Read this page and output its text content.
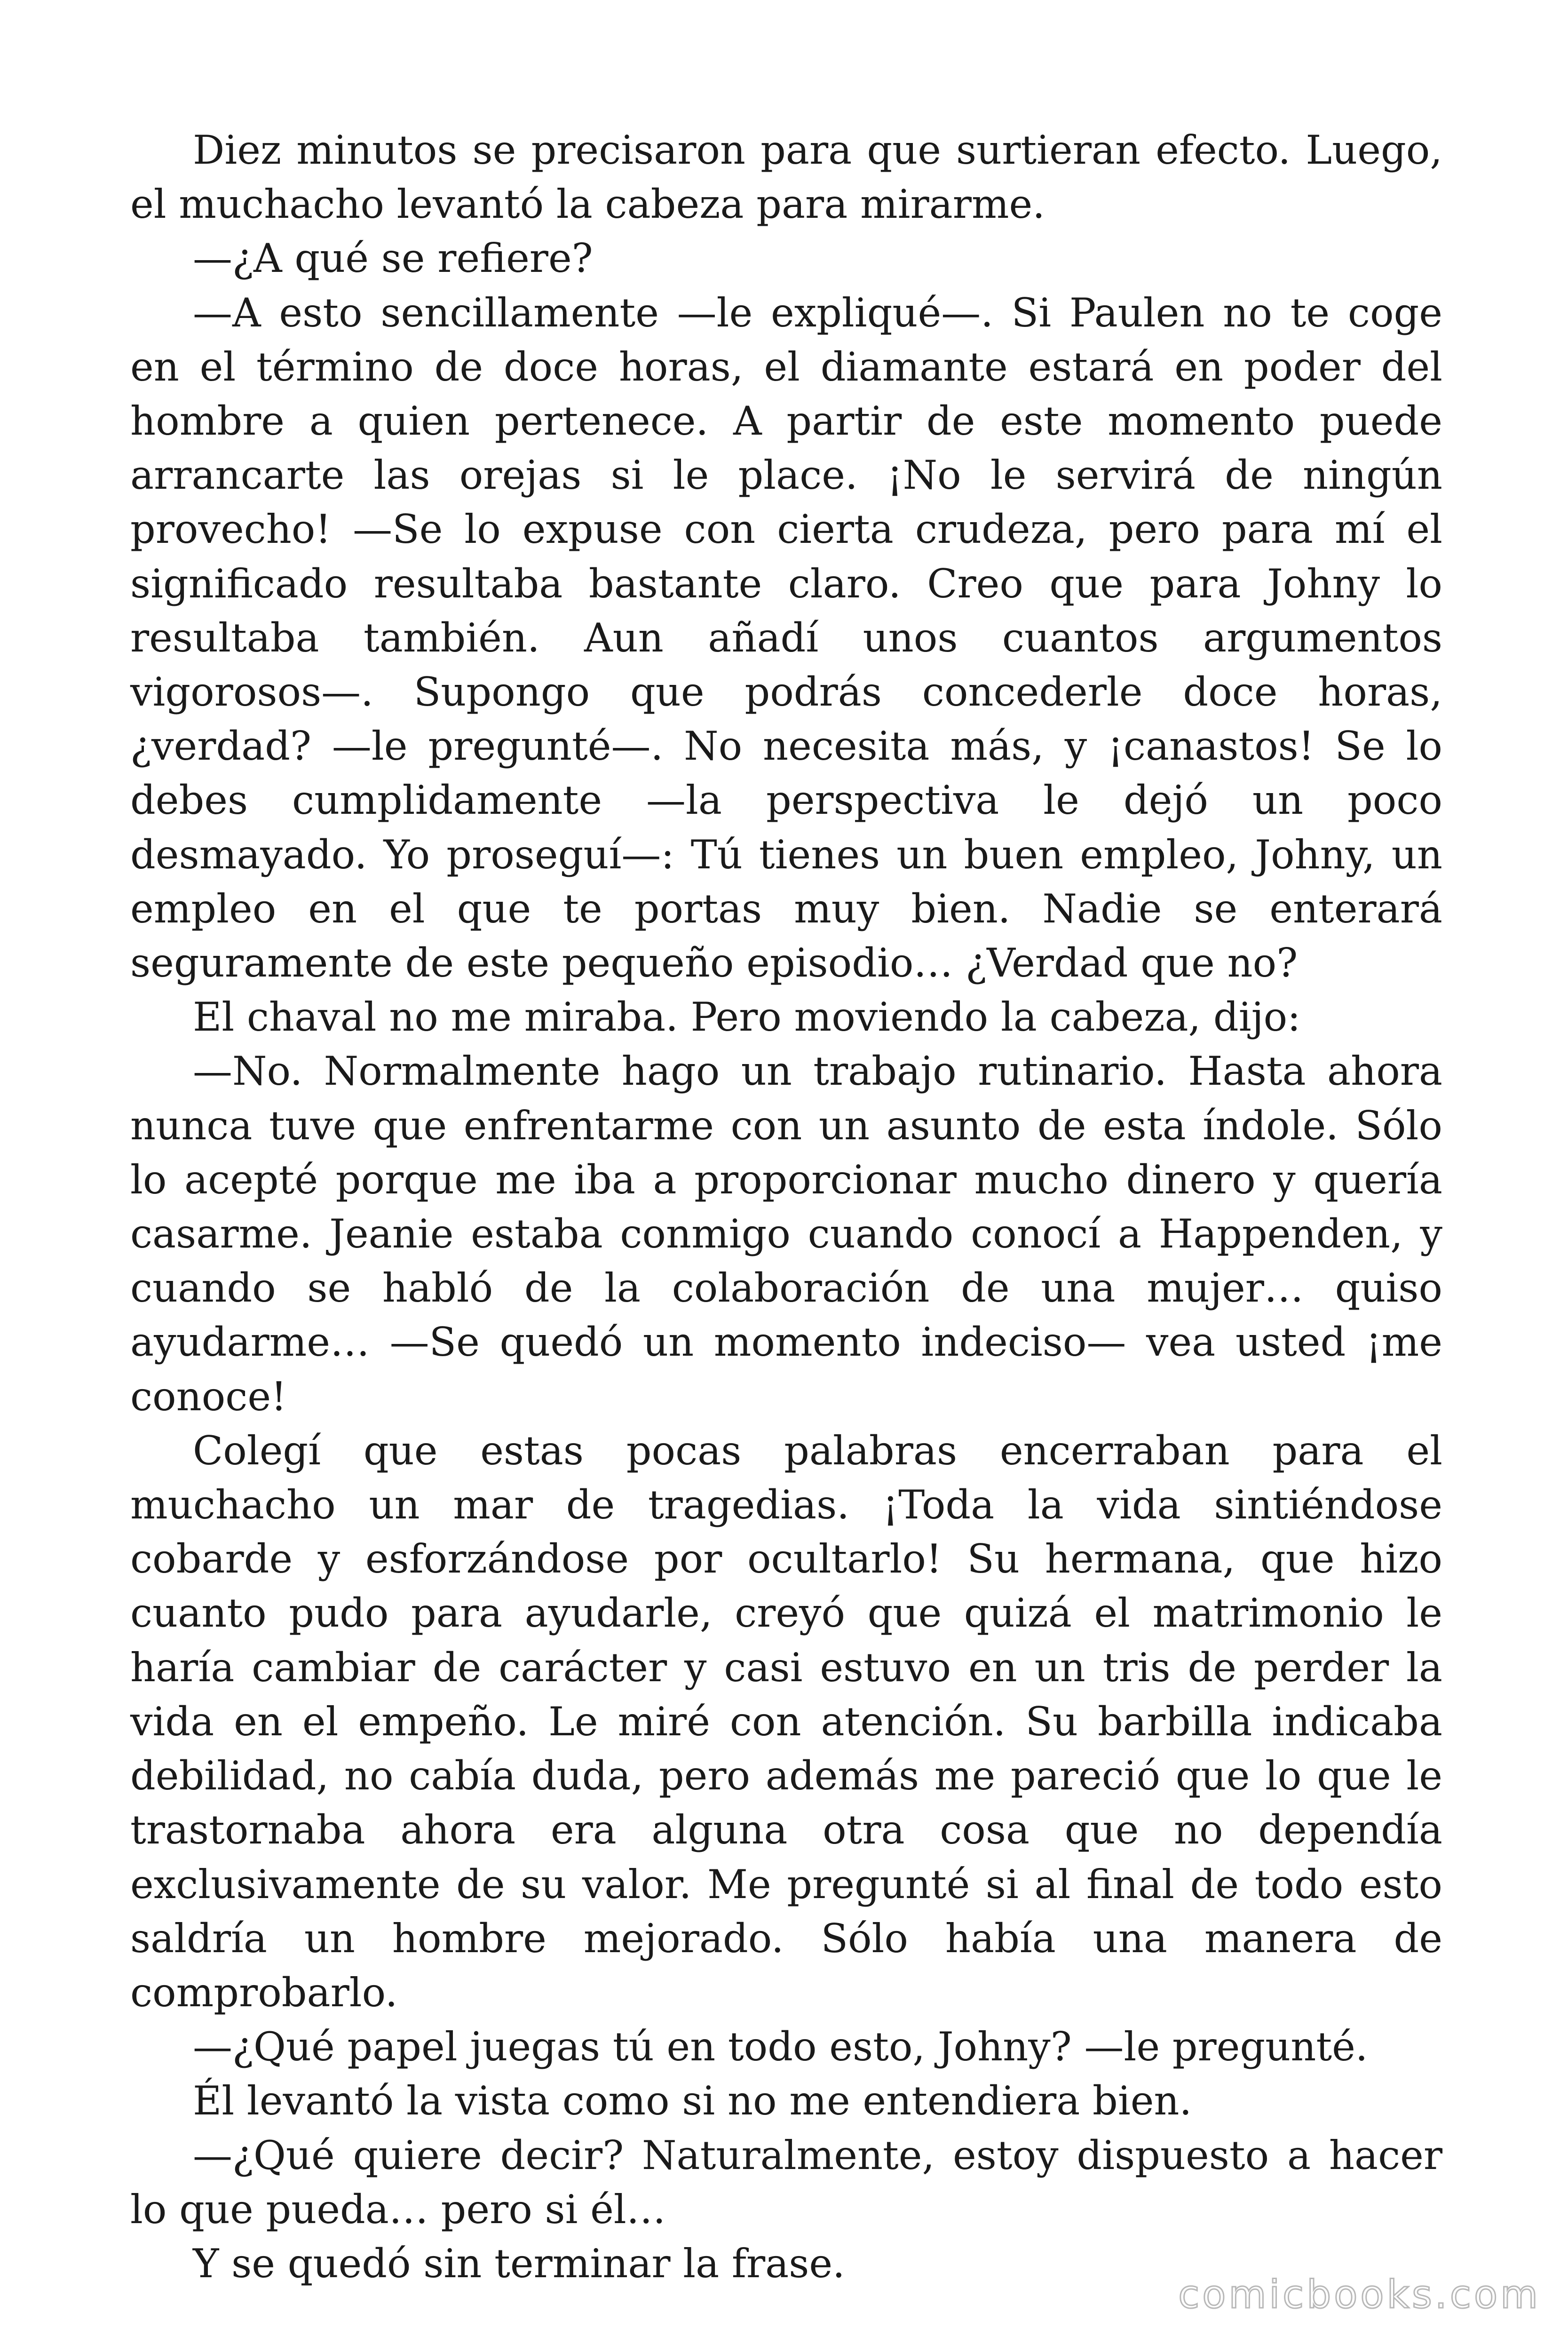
Diez minutos se precisaron para que surtieran efecto. Luego, el muchacho levantó la cabeza para mirarme.

—¿A qué se refiere?

—A esto sencillamente —le expliqué—. Si Paulen no te coge en el término de doce horas, el diamante estará en poder del hombre a quien pertenece. A partir de este momento puede arrancarte las orejas si le place. ¡No le servirá de ningún provecho! —Se lo expuse con cierta crudeza, pero para mí el significado resultaba bastante claro. Creo que para Johny lo resultaba también. Aun añadí unos cuantos argumentos vigorosos—. Supongo que podrás concederle doce horas, ¿verdad? —le pregunté—. No necesita más, y ¡canastos! Se lo debes cumplidamente —la perspectiva le dejó un poco desmayado. Yo proseguí—: Tú tienes un buen empleo, Johny, un empleo en el que te portas muy bien. Nadie se enterará seguramente de este pequeño episodio… ¿Verdad que no?

El chaval no me miraba. Pero moviendo la cabeza, dijo:

—No. Normalmente hago un trabajo rutinario. Hasta ahora nunca tuve que enfrentarme con un asunto de esta índole. Sólo lo acepté porque me iba a proporcionar mucho dinero y quería casarme. Jeanie estaba conmigo cuando conocí a Happenden, y cuando se habló de la colaboración de una mujer… quiso ayudarme… —Se quedó un momento indeciso— vea usted ¡me conoce!

Colegí que estas pocas palabras encerraban para el muchacho un mar de tragedias. ¡Toda la vida sintiéndose cobarde y esforzándose por ocultarlo! Su hermana, que hizo cuanto pudo para ayudarle, creyó que quizá el matrimonio le haría cambiar de carácter y casi estuvo en un tris de perder la vida en el empeño. Le miré con atención. Su barbilla indicaba debilidad, no cabía duda, pero además me pareció que lo que le trastornaba ahora era alguna otra cosa que no dependía exclusivamente de su valor. Me pregunté si al final de todo esto saldría un hombre mejorado. Sólo había una manera de comprobarlo.

—¿Qué papel juegas tú en todo esto, Johny? —le pregunté.

Él levantó la vista como si no me entendiera bien.

—¿Qué quiere decir? Naturalmente, estoy dispuesto a hacer lo que pueda… pero si él…

Y se quedó sin terminar la frase.

comicbooks.com
